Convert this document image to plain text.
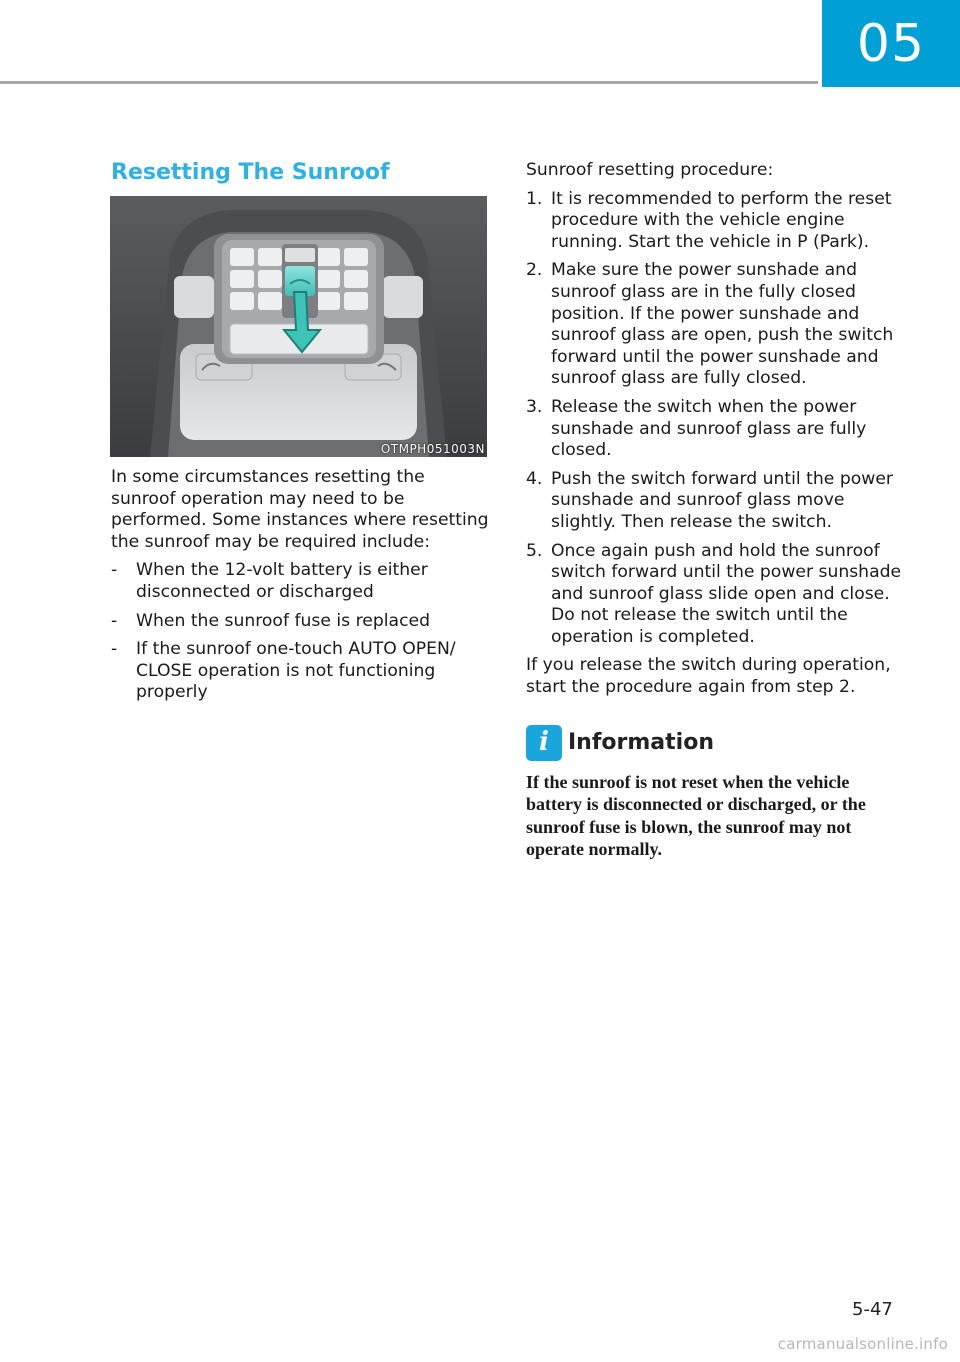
05
Resetting The Sunroof
OTMPH051003N

In some circumstances resetting the sunroof operation may need to be performed. Some instances where resetting the sunroof may be required include:

- When the 12-volt battery is either disconnected or discharged
- When the sunroof fuse is replaced
- If the sunroof one-touch AUTO OPEN/ CLOSE operation is not functioning properly

Sunroof resetting procedure:

1. It is recommended to perform the reset procedure with the vehicle engine running. Start the vehicle in P (Park).
2. Make sure the power sunshade and sunroof glass are in the fully closed position. If the power sunshade and sunroof glass are open, push the switch forward until the power sunshade and sunroof glass are fully closed.
3. Release the switch when the power sunshade and sunroof glass are fully closed.
4. Push the switch forward until the power sunshade and sunroof glass move slightly. Then release the switch.
5. Once again push and hold the sunroof switch forward until the power sunshade and sunroof glass slide open and close. Do not release the switch until the operation is completed.

If you release the switch during operation, start the procedure again from step 2.

i Information

If the sunroof is not reset when the vehicle battery is disconnected or discharged, or the sunroof fuse is blown, the sunroof may not operate normally.

5-47
carmanualsonline.info
